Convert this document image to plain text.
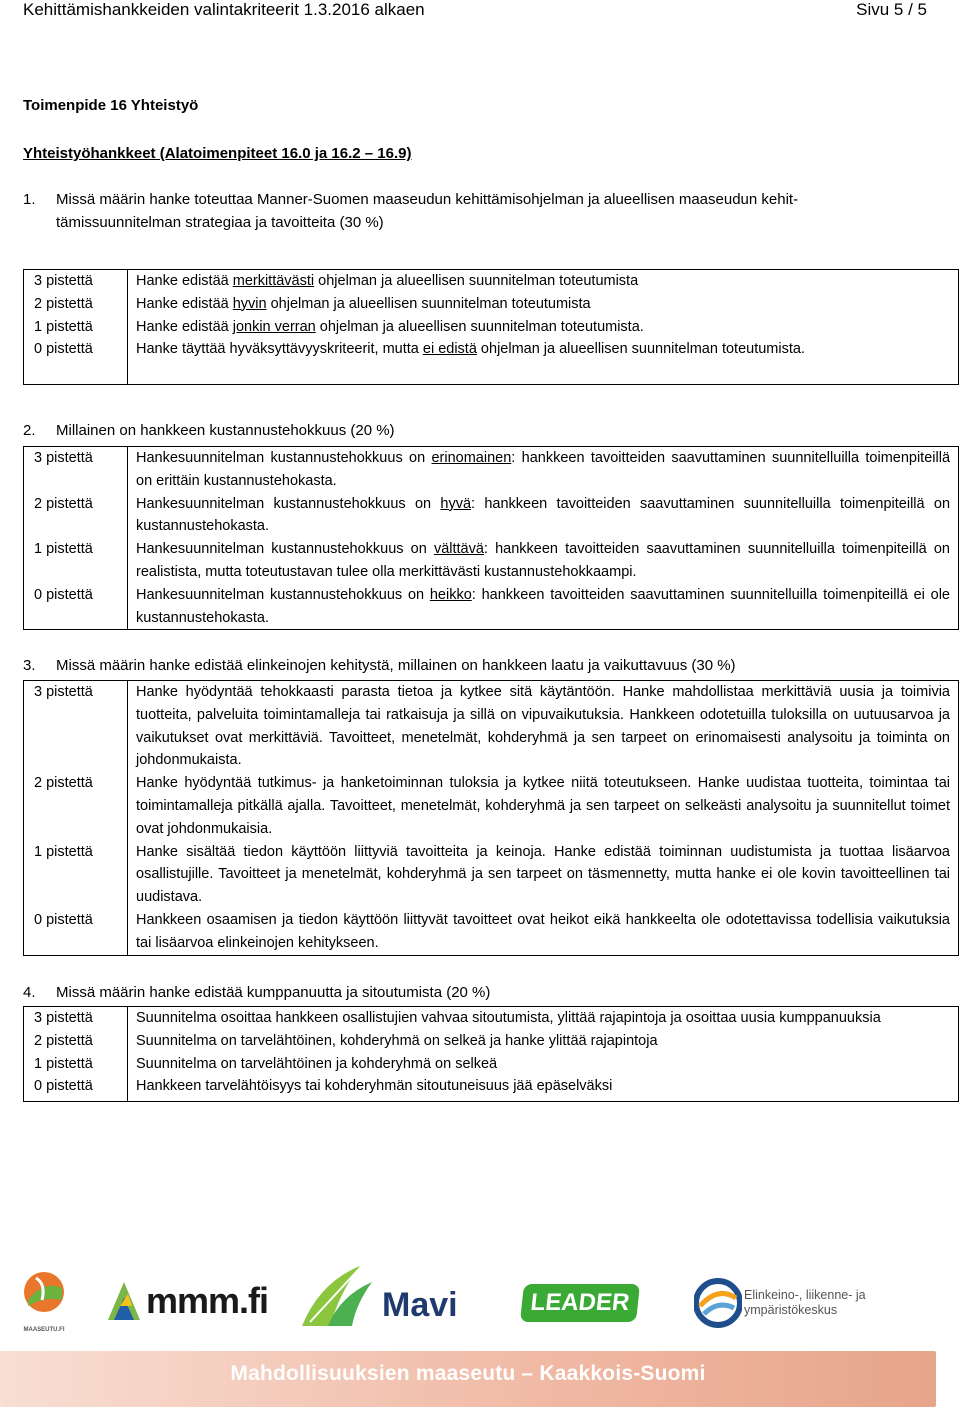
Kehittämishankkeiden valintakriteerit 1.3.2016 alkaen	Sivu 5 / 5
Toimenpide 16 Yhteistyö
Yhteistyöhankkeet (Alatoimenpiteet 16.0 ja 16.2 – 16.9)
1. Missä määrin hanke toteuttaa Manner-Suomen maaseudun kehittämisohjelman ja alueellisen maaseudun kehit-
tämissuunnitelman strategiaa ja tavoitteita (30 %)
3 pistettä	Hanke edistää merkittävästi ohjelman ja alueellisen suunnitelman toteutumista
2 pistettä	Hanke edistää hyvin ohjelman ja alueellisen suunnitelman toteutumista
1 pistettä	Hanke edistää jonkin verran ohjelman ja alueellisen suunnitelman toteutumista.
0 pistettä	Hanke täyttää hyväksyttävyyskriteerit, mutta ei edistä ohjelman ja alueellisen suunnitelman toteutumista.
2. Millainen on hankkeen kustannustehokkuus (20 %)
3 pistettä	Hankesuunnitelman kustannustehokkuus on erinomainen: hankkeen tavoitteiden saavuttaminen suunnitelluilla toimenpiteillä on erittäin kustannustehokasta.
2 pistettä	Hankesuunnitelman kustannustehokkuus on hyvä: hankkeen tavoitteiden saavuttaminen suunnitelluilla toimenpiteillä on kustannustehokasta.
1 pistettä	Hankesuunnitelman kustannustehokkuus on välttävä: hankkeen tavoitteiden saavuttaminen suunnitelluilla toimenpiteillä on realistista, mutta toteutustavan tulee olla merkittävästi kustannustehokkaampi.
0 pistettä	Hankesuunnitelman kustannustehokkuus on heikko: hankkeen tavoitteiden saavuttaminen suunnitelluilla toimenpiteillä ei ole kustannustehokasta.
3. Missä määrin hanke edistää elinkeinojen kehitystä, millainen on hankkeen laatu ja vaikuttavuus (30 %)
3 pistettä	Hanke hyödyntää tehokkaasti parasta tietoa ja kytkee sitä käytäntöön. Hanke mahdollistaa merkittäviä uusia ja toimivia tuotteita, palveluita toimintamalleja tai ratkaisuja ja sillä on vipuvaikutuksia. Hankkeen odotetuilla tuloksilla on uutuusarvoa ja vaikutukset ovat merkittäviä. Tavoitteet, menetelmät, kohderyhmä ja sen tarpeet on erinomaisesti analysoitu ja toiminta on johdonmukaista.
2 pistettä	Hanke hyödyntää tutkimus- ja hanketoiminnan tuloksia ja kytkee niitä toteutukseen. Hanke uudistaa tuotteita, toimintaa tai toimintamalleja pitkällä ajalla. Tavoitteet, menetelmät, kohderyhmä ja sen tarpeet on selkeästi analysoitu ja suunnitellut toimet ovat johdonmukaisia.
1 pistettä	Hanke sisältää tiedon käyttöön liittyviä tavoitteita ja keinoja. Hanke edistää toiminnan uudistumista ja tuottaa lisäarvoa osallistujille. Tavoitteet ja menetelmät, kohderyhmä ja sen tarpeet on täsmennetty, mutta hanke ei ole kovin tavoitteellinen tai uudistava.
0 pistettä	Hankkeen osaamisen ja tiedon käyttöön liittyvät tavoitteet ovat heikot eikä hankkeelta ole odotettavissa todellisia vaikutuksia tai lisäarvoa elinkeinojen kehitykseen.
4. Missä määrin hanke edistää kumppanuutta ja sitoutumista (20 %)
3 pistettä	Suunnitelma osoittaa hankkeen osallistujien vahvaa sitoutumista, ylittää rajapintoja ja osoittaa uusia kumppanuuksia
2 pistettä	Suunnitelma on tarvelähtöinen, kohderyhmä on selkeä ja hanke ylittää rajapintoja
1 pistettä	Suunnitelma on tarvelähtöinen ja kohderyhmä on selkeä
0 pistettä	Hankkeen tarvelähtöisyys tai kohderyhmän sitoutuneisuus jää epäselväksi
MAASEUTU.FI
mmm.fi	Mavi	LEADER	Elinkeino-, liikenne- ja
ympäristökeskus
Mahdollisuuksien maaseutu – Kaakkois-Suomi
